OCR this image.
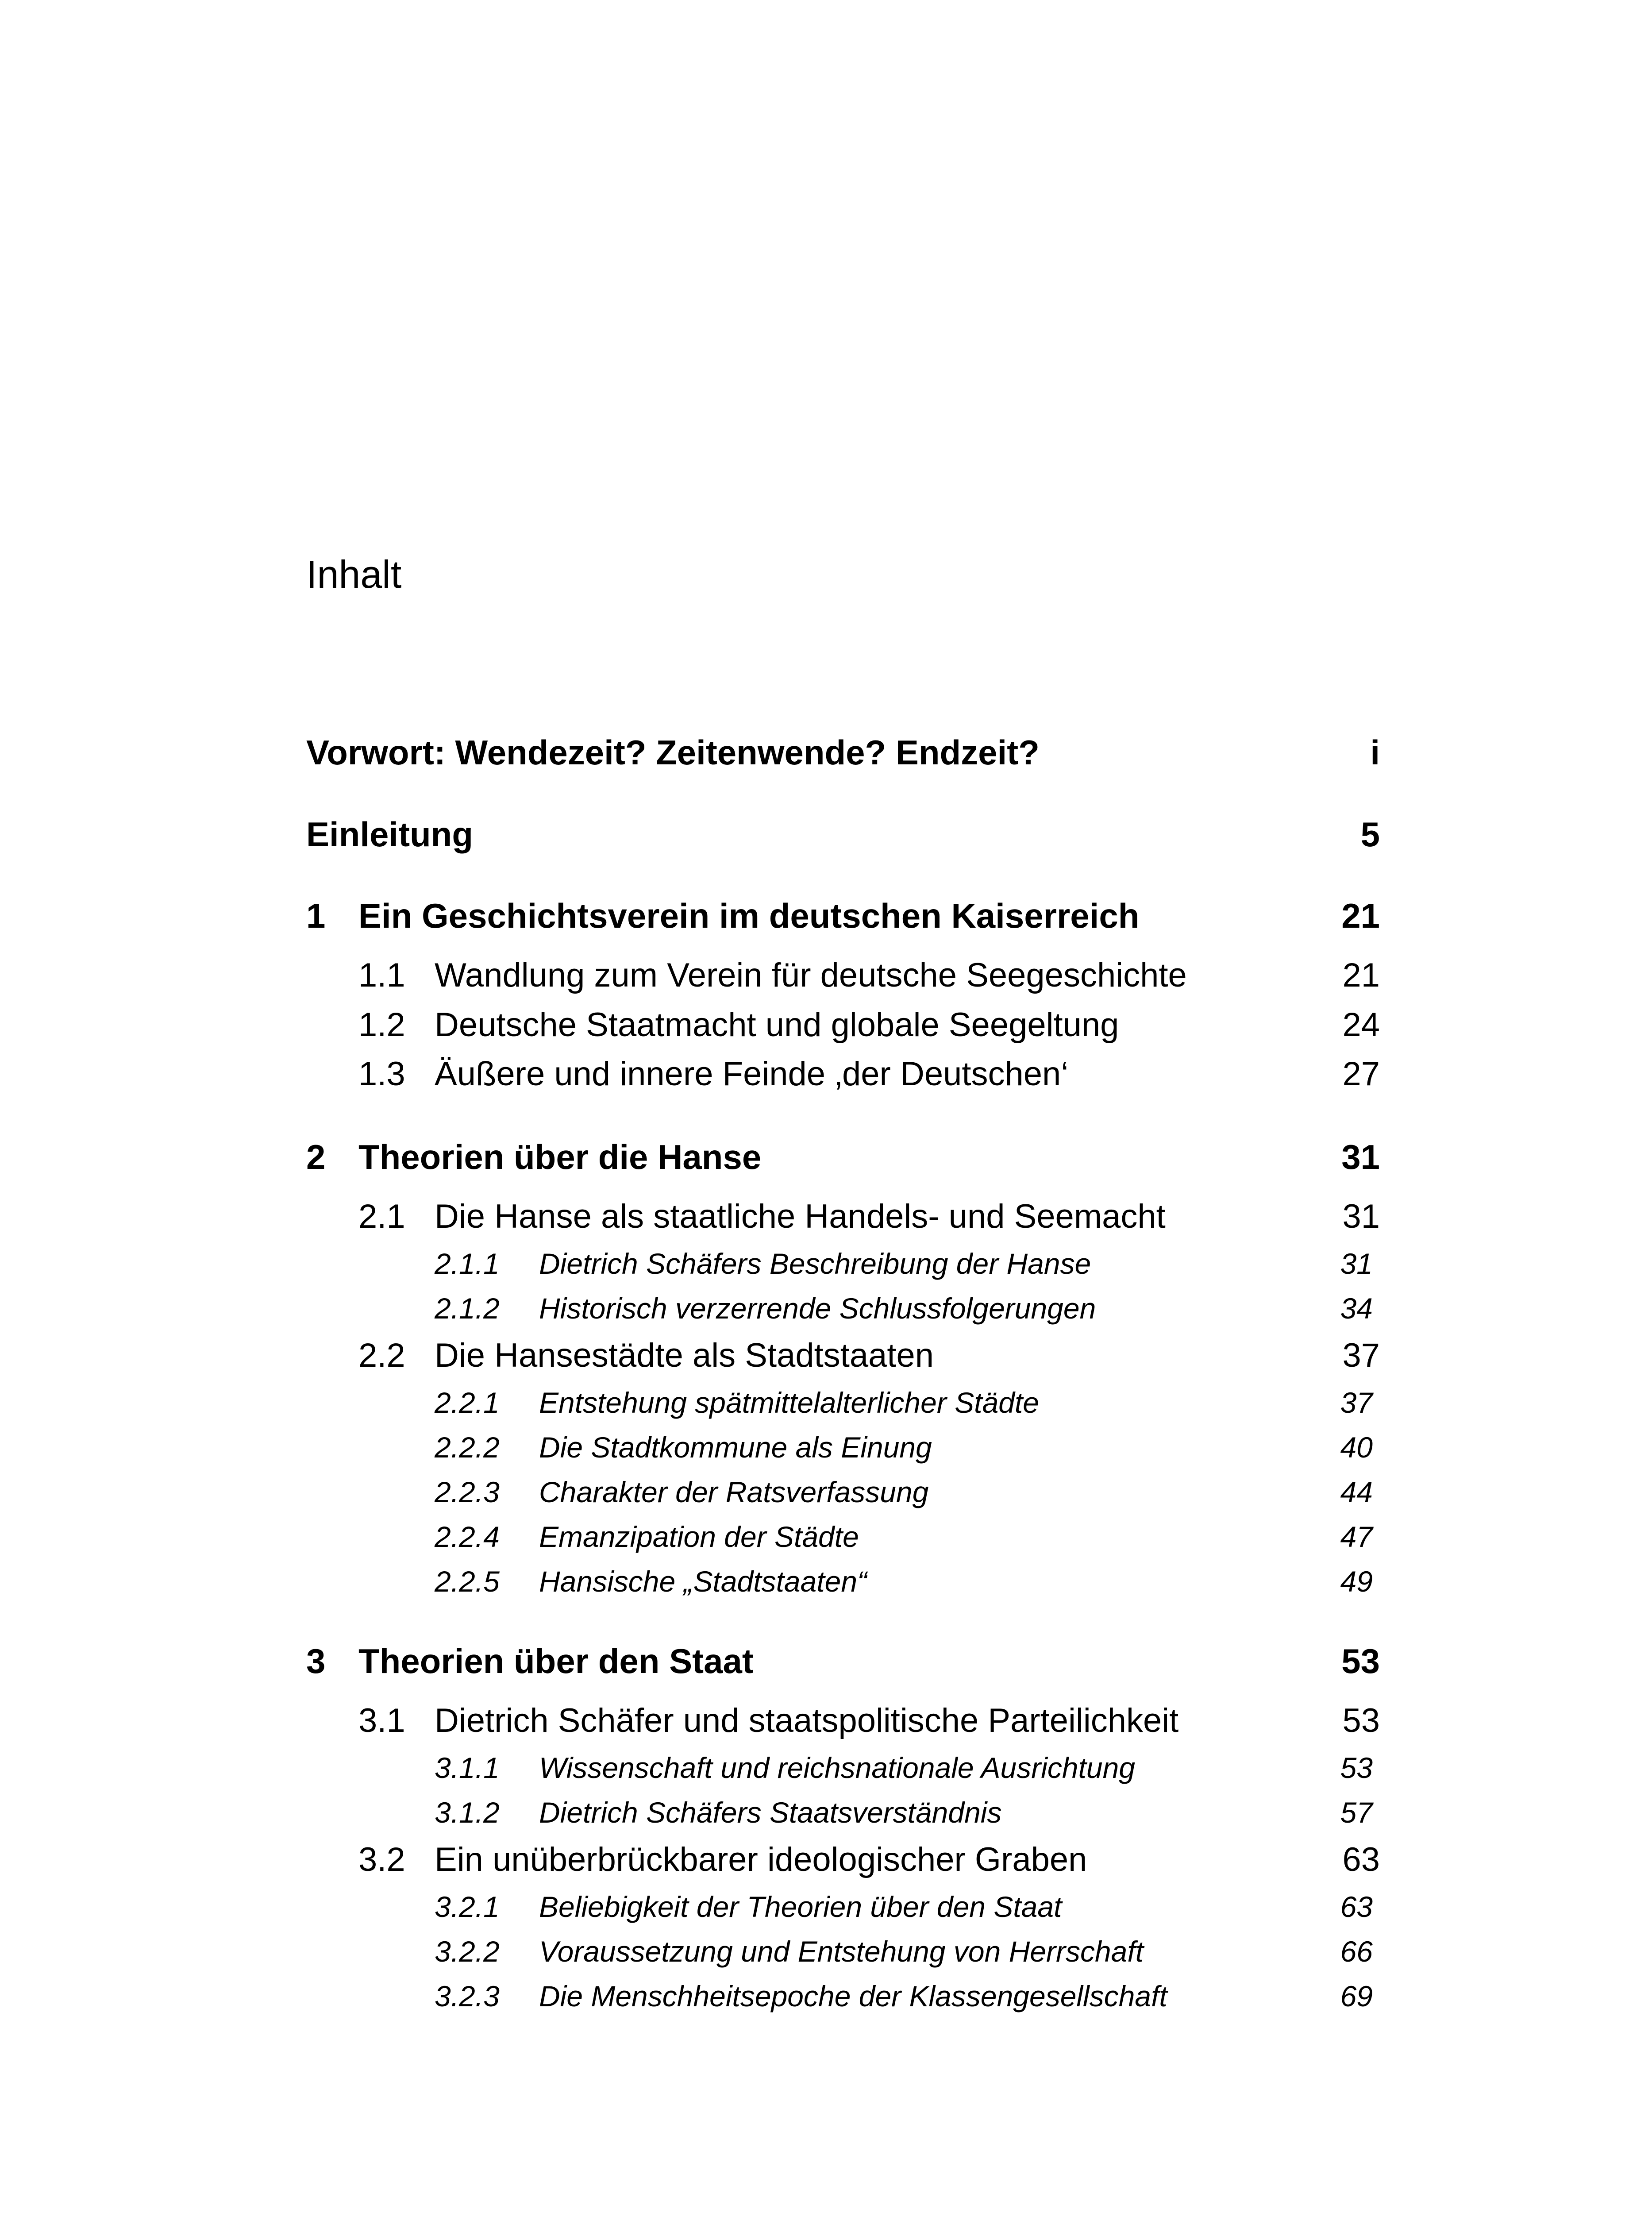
Inhalt
Vorwort: Wendezeit? Zeitenwende? Endzeit?	i
Einleitung	5
1 Ein Geschichtsverein im deutschen Kaiserreich	21
1.1 Wandlung zum Verein für deutsche Seegeschichte	21
1.2 Deutsche Staatmacht und globale Seegeltung	24
1.3 Äußere und innere Feinde ‚der Deutschen‘	27
2 Theorien über die Hanse	31
2.1 Die Hanse als staatliche Handels- und Seemacht	31
2.1.1 Dietrich Schäfers Beschreibung der Hanse	31
2.1.2 Historisch verzerrende Schlussfolgerungen	34
2.2 Die Hansestädte als Stadtstaaten	37
2.2.1 Entstehung spätmittelalterlicher Städte	37
2.2.2 Die Stadtkommune als Einung	40
2.2.3 Charakter der Ratsverfassung	44
2.2.4 Emanzipation der Städte	47
2.2.5 Hansische „Stadtstaaten“	49
3 Theorien über den Staat	53
3.1 Dietrich Schäfer und staatspolitische Parteilichkeit	53
3.1.1 Wissenschaft und reichsnationale Ausrichtung	53
3.1.2 Dietrich Schäfers Staatsverständnis	57
3.2 Ein unüberbrückbarer ideologischer Graben	63
3.2.1 Beliebigkeit der Theorien über den Staat	63
3.2.2 Voraussetzung und Entstehung von Herrschaft	66
3.2.3 Die Menschheitsepoche der Klassengesellschaft	69
